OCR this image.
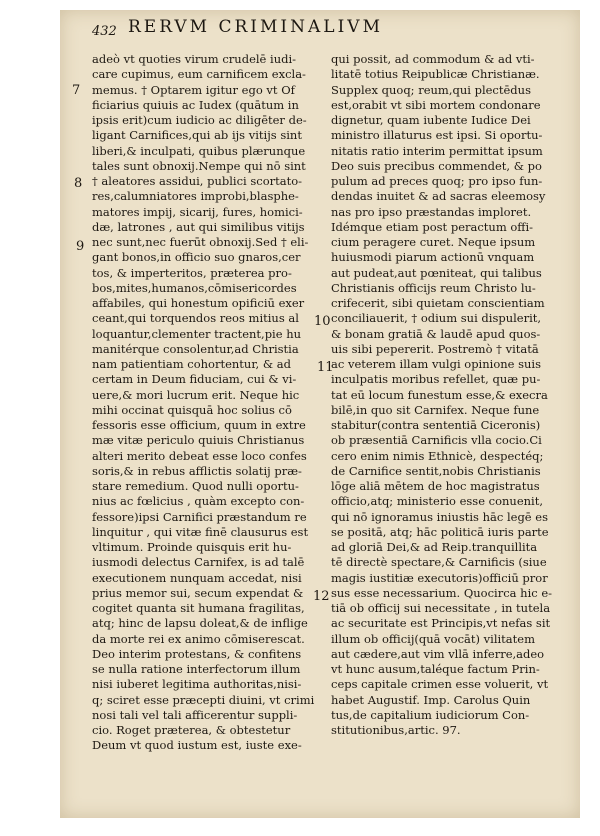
432 RERVM CRIMINALIVM
adeò vt quoties virum crudelē iudi-
care cupimus, eum carnificem excla-
memus. † Optarem igitur ego vt Of
ficiarius quiuis ac Iudex (quātum in
ipsis erit)cum iudicio ac diligēter de-
ligant Carnifices,qui ab ijs vitijs sint
liberi,& inculpati, quibus plærunque
tales sunt obnoxij.Nempe qui nō sint
† aleatores assidui, publici scortato-
res,calumniatores improbi,blasphe-
matores impij, sicarij, fures, homici-
dæ, latrones , aut qui similibus vitijs
nec sunt,nec fuerūt obnoxij.Sed † eli-
gant bonos,in officio suo gnaros,cer
tos, & imperteritos, præterea pro-
bos,mites,humanos,cōmisericordes
affabiles, qui honestum opificiū exer
ceant,qui torquendos reos mitius al
loquantur,clementer tractent,pie hu
manitérque consolentur,ad Christia
nam patientiam cohortentur, & ad
certam in Deum fiduciam, cui & vi-
uere,& mori lucrum erit. Neque hic
mihi occinat quisquā hoc solius cō
fessoris esse officium, quum in extre
mæ vitæ periculo quiuis Christianus
alteri merito debeat esse loco confes
soris,& in rebus afflictis solatij præ-
stare remedium. Quod nulli oportu-
nius ac fœlicius , quàm excepto con-
fessore)ipsi Carnifici præstandum re
linquitur , qui vitæ finē clausurus est
vltimum. Proinde quisquis erit hu-
iusmodi delectus Carnifex, is ad talē
executionem nunquam accedat, nisi
prius memor sui, secum expendat &
cogitet quanta sit humana fragilitas,
atq; hinc de lapsu doleat,& de inflige
da morte rei ex animo cōmiserescat.
Deo interim protestans, & confitens
se nulla ratione interfectorum illum
nisi iuberet legitima authoritas,nisi-
q; sciret esse præcepti diuini, vt crimi
nosi tali vel tali afficerentur suppli-
cio. Roget præterea, & obtestetur
Deum vt quod iustum est, iuste exe-
qui possit, ad commodum & ad vti-
litatē totius Reipublicæ Christianæ.
Supplex quoq; reum,qui plectēdus
est,orabit vt sibi mortem condonare
dignetur, quam iubente Iudice Dei
ministro illaturus est ipsi. Si oportu-
nitatis ratio interim permittat ipsum
Deo suis precibus commendet, & po
pulum ad preces quoq; pro ipso fun-
dendas inuitet & ad sacras eleemosy
nas pro ipso præstandas imploret.
Idémque etiam post peractum offi-
cium peragere curet. Neque ipsum
huiusmodi piarum actionū vnquam
aut pudeat,aut pœniteat, qui talibus
Christianis officijs reum Christo lu-
crifecerit, sibi quietam conscientiam
conciliauerit, † odium sui dispulerit,
& bonam gratiā & laudē apud quos-
uis sibi pepererit. Postremò † vitatā
ac veterem illam vulgi opinione suis
inculpatis moribus refellet, quæ pu-
tat eū locum funestum esse,& execra
bilē,in quo sit Carnifex. Neque fune
stabitur(contra sententiā Ciceronis)
ob præsentiā Carnificis vlla cocio.Ci
cero enim nimis Ethnicè, despectéq;
de Carnifice sentit,nobis Christianis
lōge aliā mētem de hoc magistratus
officio,atq; ministerio esse conuenit,
qui nō ignoramus iniustis hāc legē es
se positā, atq; hāc politicā iuris parte
ad gloriā Dei,& ad Reip.tranquillita
tē directè spectare,& Carnificis (siue
magis iustitiæ executoris)officiū pror
sus esse necessarium. Quocirca hic e-
tiā ob officij sui necessitate , in tutela
ac securitate est Principis,vt nefas sit
illum ob officij(quā vocāt) vilitatem
aut cædere,aut vim vllā inferre,adeo
vt hunc ausum,taléque factum Prin-
ceps capitale crimen esse voluerit, vt
habet Augustif. Imp. Carolus Quin
tus,de capitalium iudiciorum Con-
stitutionibus,artic. 97.
7
8
9
10
11
12
